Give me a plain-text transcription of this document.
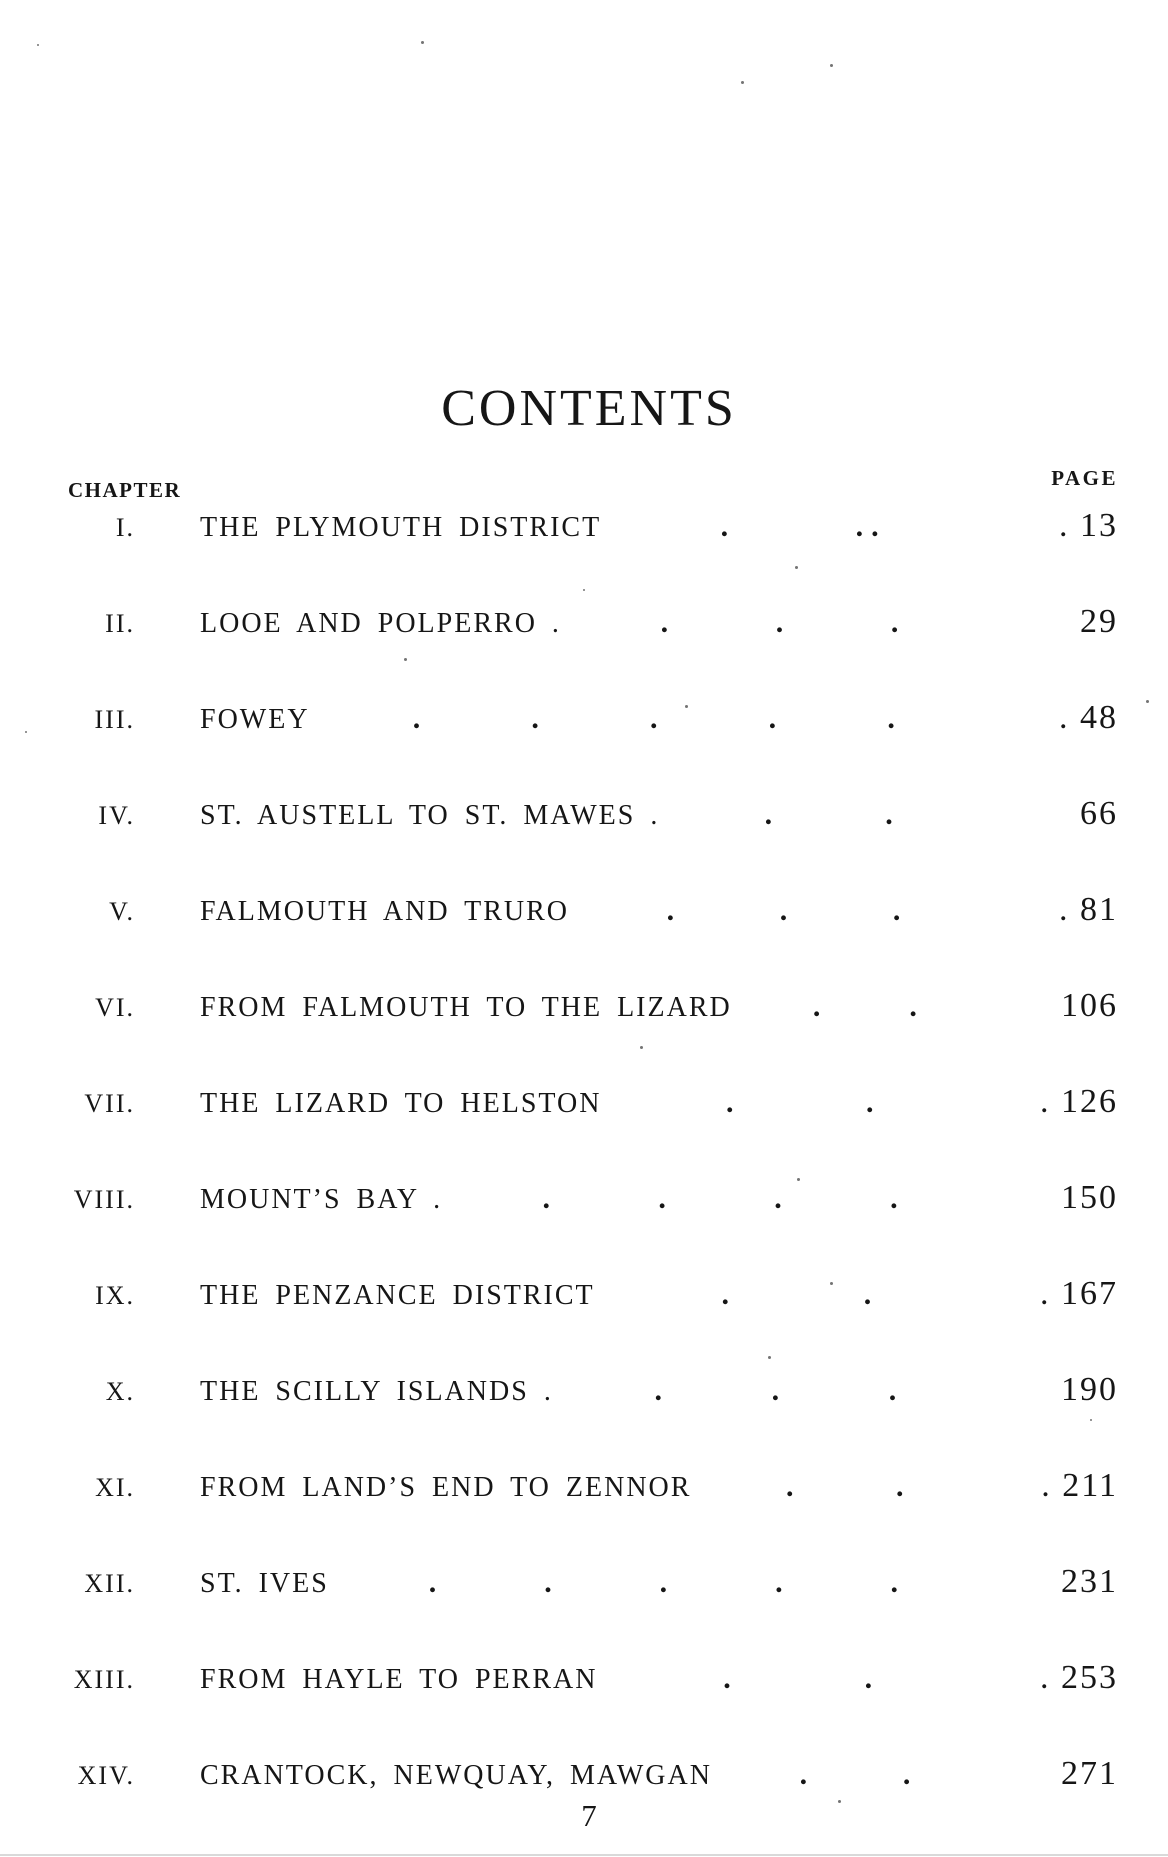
CONTENTS
CHAPTER	PAGE
I. THE PLYMOUTH DISTRICT	.	..	. 13
II. LOOE AND POLPERRO .	.	.	.	29
III. FOWEY	.	.	.	.	.	. 48
IV. ST. AUSTELL TO ST. MAWES .	.	.	66
V. FALMOUTH AND TRURO	.	.	.	. 81
VI. FROM FALMOUTH TO THE LIZARD	.	.	106
VII. THE LIZARD TO HELSTON	.	.	. 126
VIII. MOUNT’S BAY .	.	.	.	.	150
IX. THE PENZANCE DISTRICT	.	.	. 167
X. THE SCILLY ISLANDS .	.	.	.	190
XI. FROM LAND’S END TO ZENNOR	.	.	. 211
XII. ST. IVES	.	.	.	.	.	231
XIII. FROM HAYLE TO PERRAN	.	.	. 253
XIV. CRANTOCK, NEWQUAY, MAWGAN	.	.	271
7
